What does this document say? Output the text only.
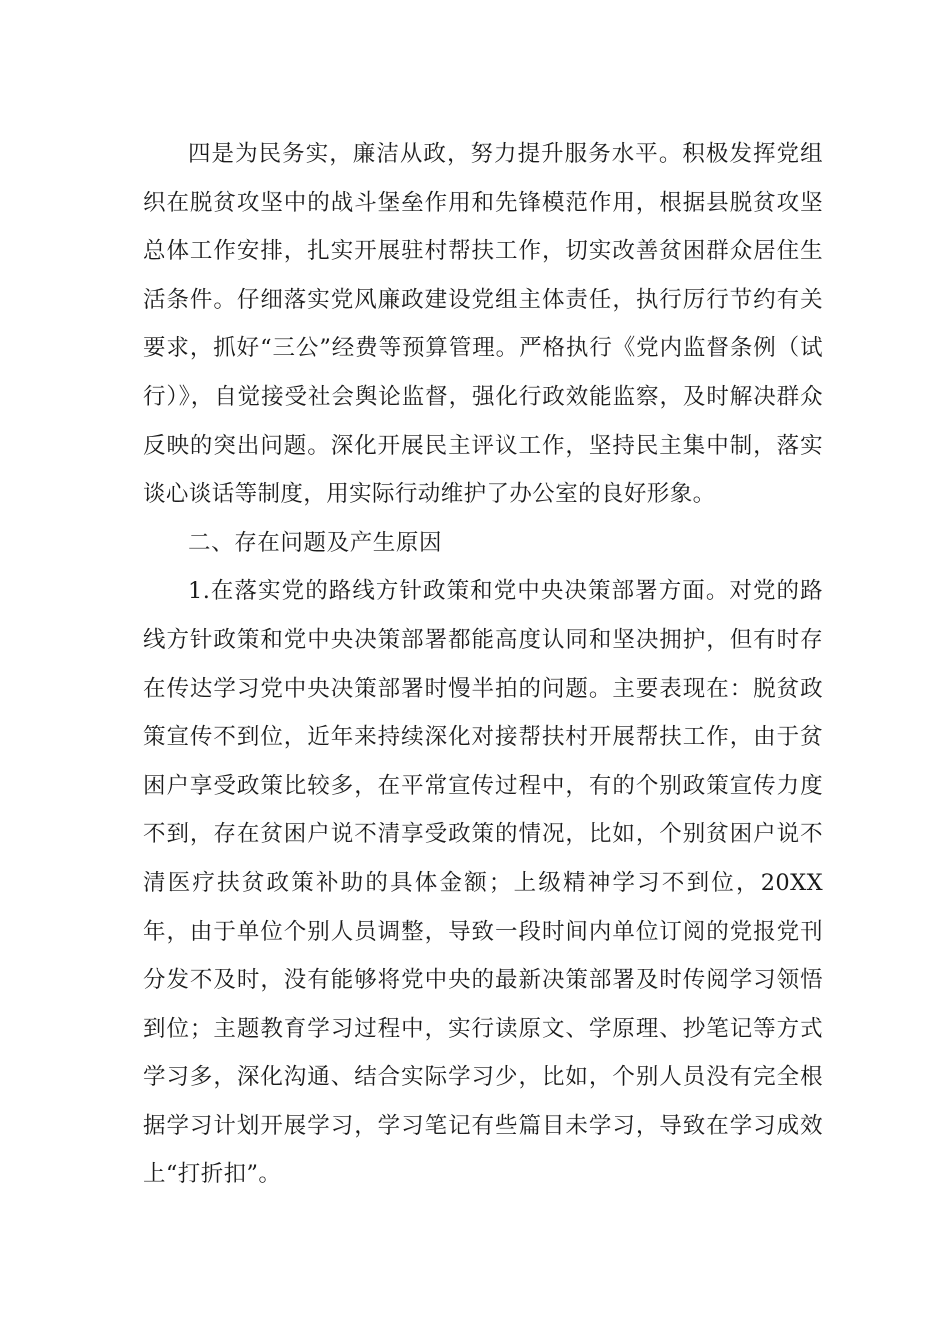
四是为民务实，廉洁从政，努力提升服务水平。积极发挥党组织在脱贫攻坚中的战斗堡垒作用和先锋模范作用，根据县脱贫攻坚总体工作安排，扎实开展驻村帮扶工作，切实改善贫困群众居住生活条件。仔细落实党风廉政建设党组主体责任，执行厉行节约有关要求，抓好“三公”经费等预算管理。严格执行《党内监督条例（试行）》，自觉接受社会舆论监督，强化行政效能监察，及时解决群众反映的突出问题。深化开展民主评议工作，坚持民主集中制，落实谈心谈话等制度，用实际行动维护了办公室的良好形象。

二、存在问题及产生原因

1.在落实党的路线方针政策和党中央决策部署方面。对党的路线方针政策和党中央决策部署都能高度认同和坚决拥护，但有时存在传达学习党中央决策部署时慢半拍的问题。主要表现在：脱贫政策宣传不到位，近年来持续深化对接帮扶村开展帮扶工作，由于贫困户享受政策比较多，在平常宣传过程中，有的个别政策宣传力度不到，存在贫困户说不清享受政策的情况，比如，个别贫困户说不清医疗扶贫政策补助的具体金额；上级精神学习不到位，20XX年，由于单位个别人员调整，导致一段时间内单位订阅的党报党刊分发不及时，没有能够将党中央的最新决策部署及时传阅学习领悟到位；主题教育学习过程中，实行读原文、学原理、抄笔记等方式学习多，深化沟通、结合实际学习少，比如，个别人员没有完全根据学习计划开展学习，学习笔记有些篇目未学习，导致在学习成效上“打折扣”。
